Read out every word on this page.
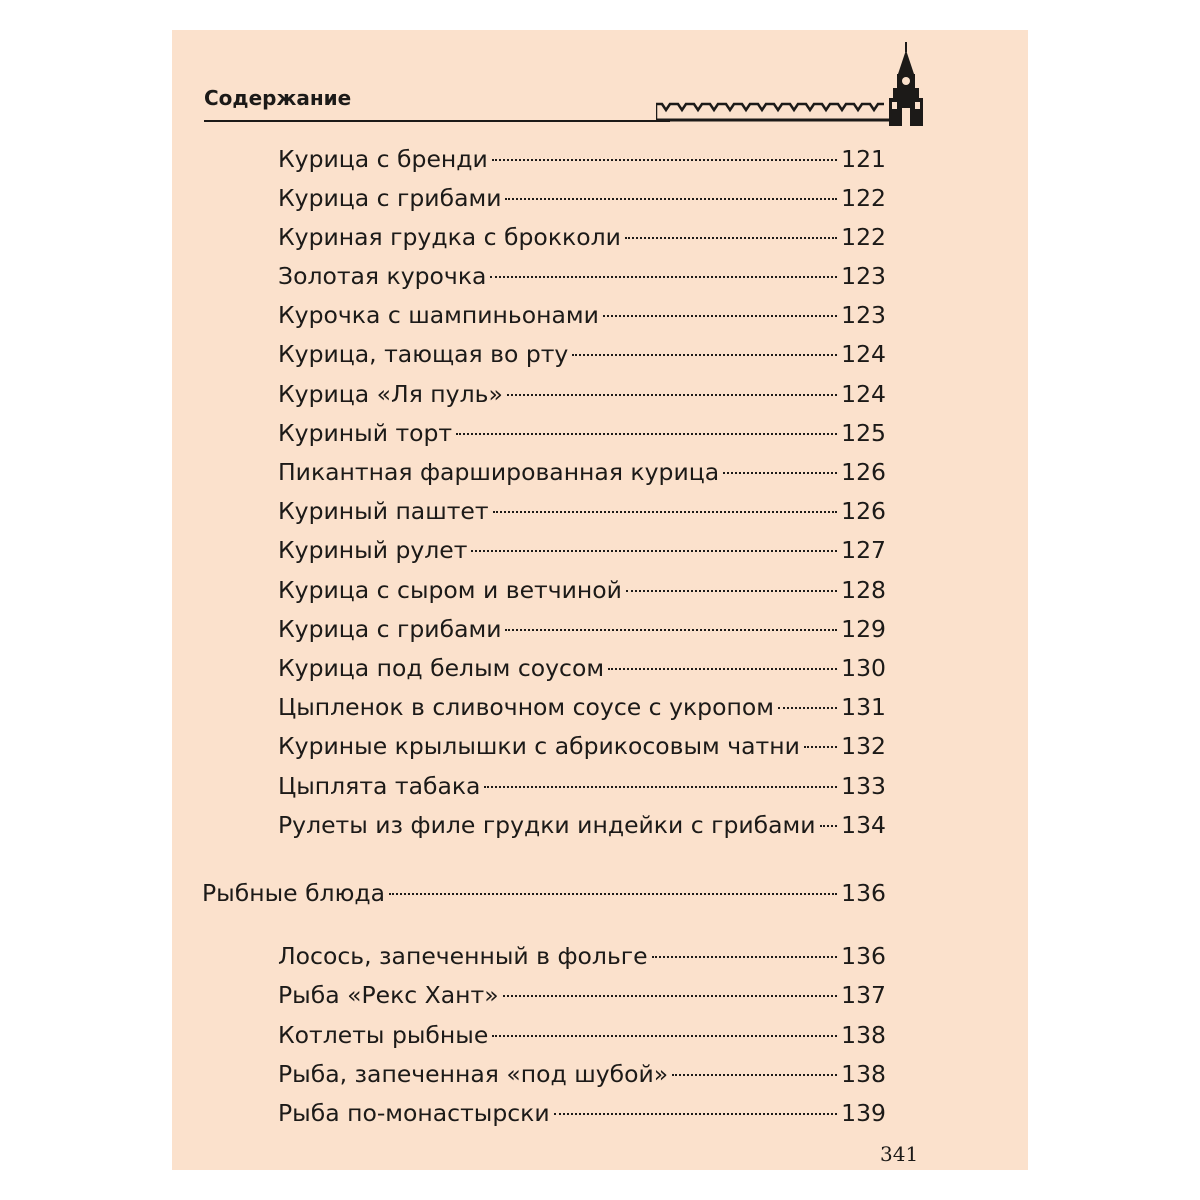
Содержание
Курица с бренди	121
Курица с грибами	122
Куриная грудка с брокколи	122
Золотая курочка	123
Курочка с шампиньонами	123
Курица, тающая во рту	124
Курица «Ля пуль»	124
Куриный торт	125
Пикантная фаршированная курица	126
Куриный паштет	126
Куриный рулет	127
Курица с сыром и ветчиной	128
Курица с грибами	129
Курица под белым соусом	130
Цыпленок в сливочном соусе с укропом	131
Куриные крылышки с абрикосовым чатни 132
Цыплята табака	133
Рулеты из филе грудки индейки с грибами 134
Рыбные блюда	136
Лосось, запеченный в фольге	136
Рыба «Рекс Хант»	137
Котлеты рыбные	138
Рыба, запеченная «под шубой»	138
Рыба по-монастырски	139
341
